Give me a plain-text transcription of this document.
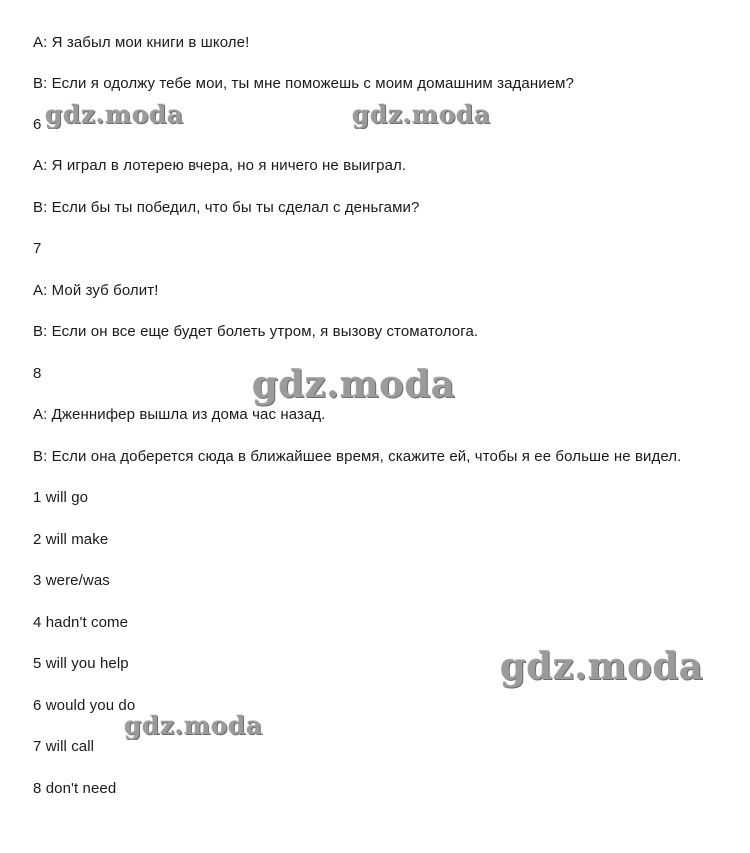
A: Я забыл мои книги в школе!
B: Если я одолжу тебе мои, ты мне поможешь с моим домашним заданием?
6
A: Я играл в лотерею вчера, но я ничего не выиграл.
B: Если бы ты победил, что бы ты сделал с деньгами?
7
A: Мой зуб болит!
B: Если он все еще будет болеть утром, я вызову стоматолога.
8
A: Дженнифер вышла из дома час назад.
B: Если она доберется сюда в ближайшее время, скажите ей, чтобы я ее больше не видел.
1 will go
2 will make
3 were/was
4 hadn't come
5 will you help
6 would you do
7 will call
8 don't need
gdz.moda	gdz.moda
gdz.moda
gdz.moda
gdz.moda
